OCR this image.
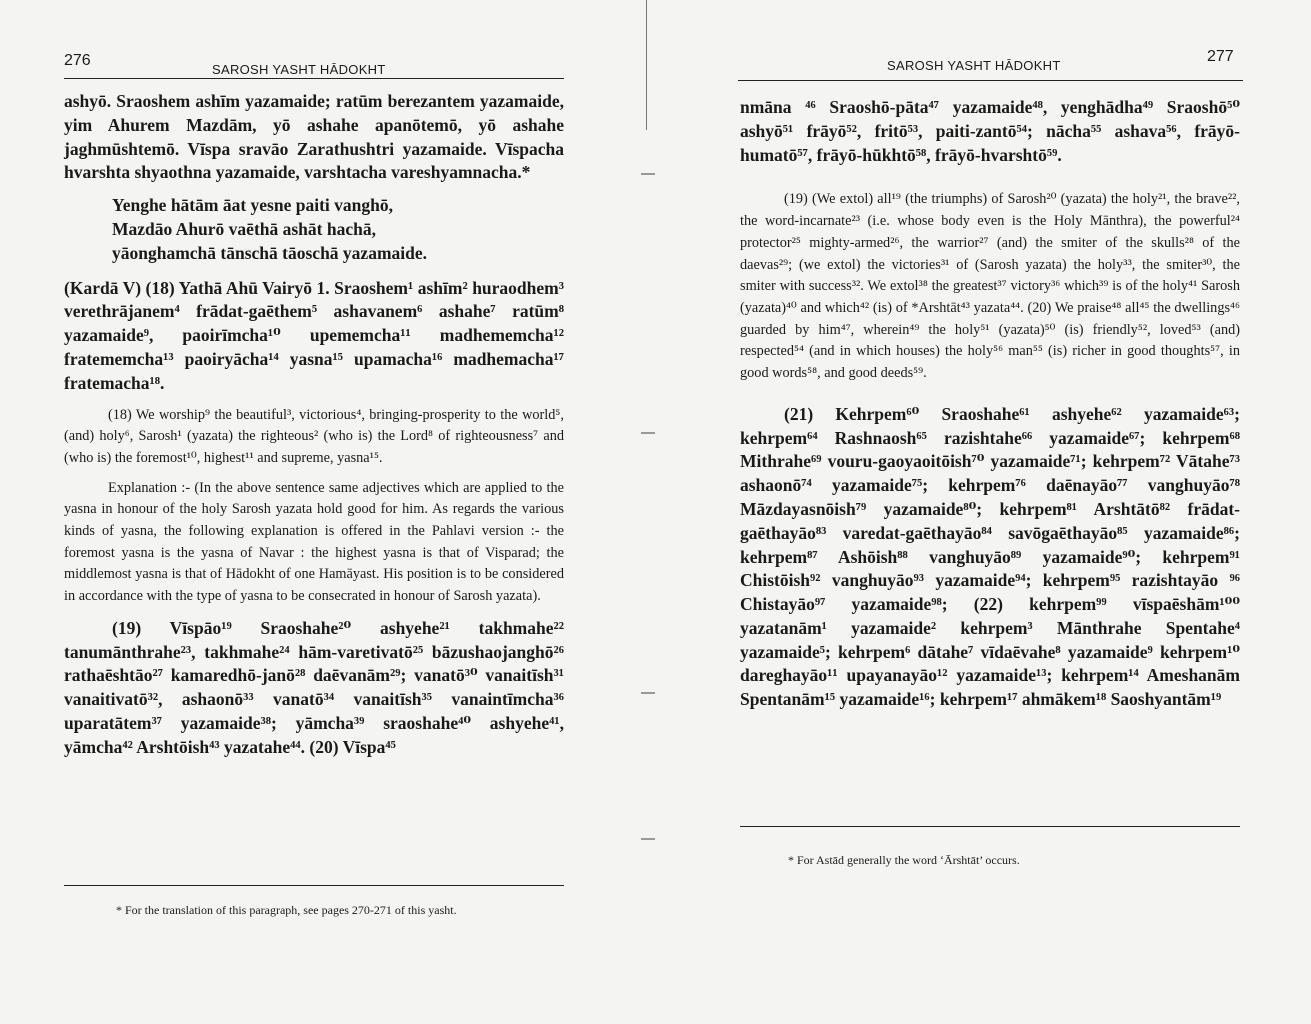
276
SAROSH YASHT HĀDOKHT

ashyō. Sraoshem ashīm yazamaide; ratūm berezantem yazamaide, yim Ahurem Mazdām, yō ashahe apanōtemō, yō ashahe jaghmūshtemō. Vīspa sravāo Zarathushtri yazamaide. Vīspacha hvarshta shyaothna yazamaide, varshtacha vareshyamnacha.*

Yenghe hātām āat yesne paiti vanghō,
Mazdāo Ahurō vaēthā ashāt hachā,
yāonghamchā tānschā tāoschā yazamaide.

(Kardā V) (18) Yathā Ahū Vairyō 1. Sraoshem¹ ashīm² huraodhem³ verethrājanem⁴ frādat-gaēthem⁵ ashavanem⁶ ashahe⁷ ratūm⁸ yazamaide⁹, paoirīmcha¹⁰ upememcha¹¹ madhememcha¹² fratememcha¹³ paoiryācha¹⁴ yasna¹⁵ upamacha¹⁶ madhemacha¹⁷ fratemacha¹⁸.

(18) We worship⁹ the beautiful³, victorious⁴, bringing-prosperity to the world⁵, (and) holy⁶, Sarosh¹ (yazata) the righteous² (who is) the Lord⁸ of righteousness⁷ and (who is) the foremost¹⁰, highest¹¹ and supreme, yasna¹⁵.

Explanation :- (In the above sentence same adjectives which are applied to the yasna in honour of the holy Sarosh yazata hold good for him. As regards the various kinds of yasna, the following explanation is offered in the Pahlavi version :- the foremost yasna is the yasna of Navar : the highest yasna is that of Visparad; the middlemost yasna is that of Hādokht of one Hamāyast. His position is to be considered in accordance with the type of yasna to be consecrated in honour of Sarosh yazata).

(19) Vīspāo¹⁹ Sraoshahe²⁰ ashyehe²¹ takhmahe²² tanumānthrahe²³, takhmahe²⁴ hām-varetivatō²⁵ bāzushaojanghō²⁶ rathaēshtāo²⁷ kamaredhō-janō²⁸ daēvanām²⁹; vanatō³⁰ vanaitīsh³¹ vanaitivatō³², ashaonō³³ vanatō³⁴ vanaitīsh³⁵ vanaintīmcha³⁶ uparatātem³⁷ yazamaide³⁸; yāmcha³⁹ sraoshahe⁴⁰ ashyehe⁴¹, yāmcha⁴² Arshtōish⁴³ yazatahe⁴⁴. (20) Vīspa⁴⁵

* For the translation of this paragraph, see pages 270-271 of this yasht.
277
SAROSH YASHT HĀDOKHT

nmāna ⁴⁶ Sraoshō-pāta⁴⁷ yazamaide⁴⁸, yenghādha⁴⁹ Sraoshō⁵⁰ ashyō⁵¹ frāyō⁵², fritō⁵³, paiti-zantō⁵⁴; nācha⁵⁵ ashava⁵⁶, frāyō-humatō⁵⁷, frāyō-hūkhtō⁵⁸, frāyō-hvarshtō⁵⁹.

(19) (We extol) all¹⁹ (the triumphs) of Sarosh²⁰ (yazata) the holy²¹, the brave²², the word-incarnate²³ (i.e. whose body even is the Holy Mānthra), the powerful²⁴ protector²⁵ mighty-armed²⁶, the warrior²⁷ (and) the smiter of the skulls²⁸ of the daevas²⁹; (we extol) the victories³¹ of (Sarosh yazata) the holy³³, the smiter³⁰, the smiter with success³². We extol³⁸ the greatest³⁷ victory³⁶ which³⁹ is of the holy⁴¹ Sarosh (yazata)⁴⁰ and which⁴² (is) of *Arshtāt⁴³ yazata⁴⁴. (20) We praise⁴⁸ all⁴⁵ the dwellings⁴⁶ guarded by him⁴⁷, wherein⁴⁹ the holy⁵¹ (yazata)⁵⁰ (is) friendly⁵², loved⁵³ (and) respected⁵⁴ (and in which houses) the holy⁵⁶ man⁵⁵ (is) richer in good thoughts⁵⁷, in good words⁵⁸, and good deeds⁵⁹.

(21) Kehrpem⁶⁰ Sraoshahe⁶¹ ashyehe⁶² yazamaide⁶³; kehrpem⁶⁴ Rashnaosh⁶⁵ razishtahe⁶⁶ yazamaide⁶⁷; kehrpem⁶⁸ Mithrahe⁶⁹ vouru-gaoyaoitōish⁷⁰ yazamaide⁷¹; kehrpem⁷² Vātahe⁷³ ashaonō⁷⁴ yazamaide⁷⁵; kehrpem⁷⁶ daēnayāo⁷⁷ vanghuyāo⁷⁸ Māzdayasnōish⁷⁹ yazamaide⁸⁰; kehrpem⁸¹ Arshtātō⁸² frādat-gaēthayāo⁸³ varedat-gaēthayāo⁸⁴ savōgaēthayāo⁸⁵ yazamaide⁸⁶; kehrpem⁸⁷ Ashōish⁸⁸ vanghuyāo⁸⁹ yazamaide⁹⁰; kehrpem⁹¹ Chistōish⁹² vanghuyāo⁹³ yazamaide⁹⁴; kehrpem⁹⁵ razishtayāo ⁹⁶ Chistayāo⁹⁷ yazamaide⁹⁸; (22) kehrpem⁹⁹ vīspaēshām¹⁰⁰ yazatanām¹ yazamaide² kehrpem³ Mānthrahe Spentahe⁴ yazamaide⁵; kehrpem⁶ dātahe⁷ vīdaēvahe⁸ yazamaide⁹ kehrpem¹⁰ dareghayāo¹¹ upayanayāo¹² yazamaide¹³; kehrpem¹⁴ Ameshanām Spentanām¹⁵ yazamaide¹⁶; kehrpem¹⁷ ahmākem¹⁸ Saoshyantām¹⁹

* For Astād generally the word ‘Ārshtāt’ occurs.
